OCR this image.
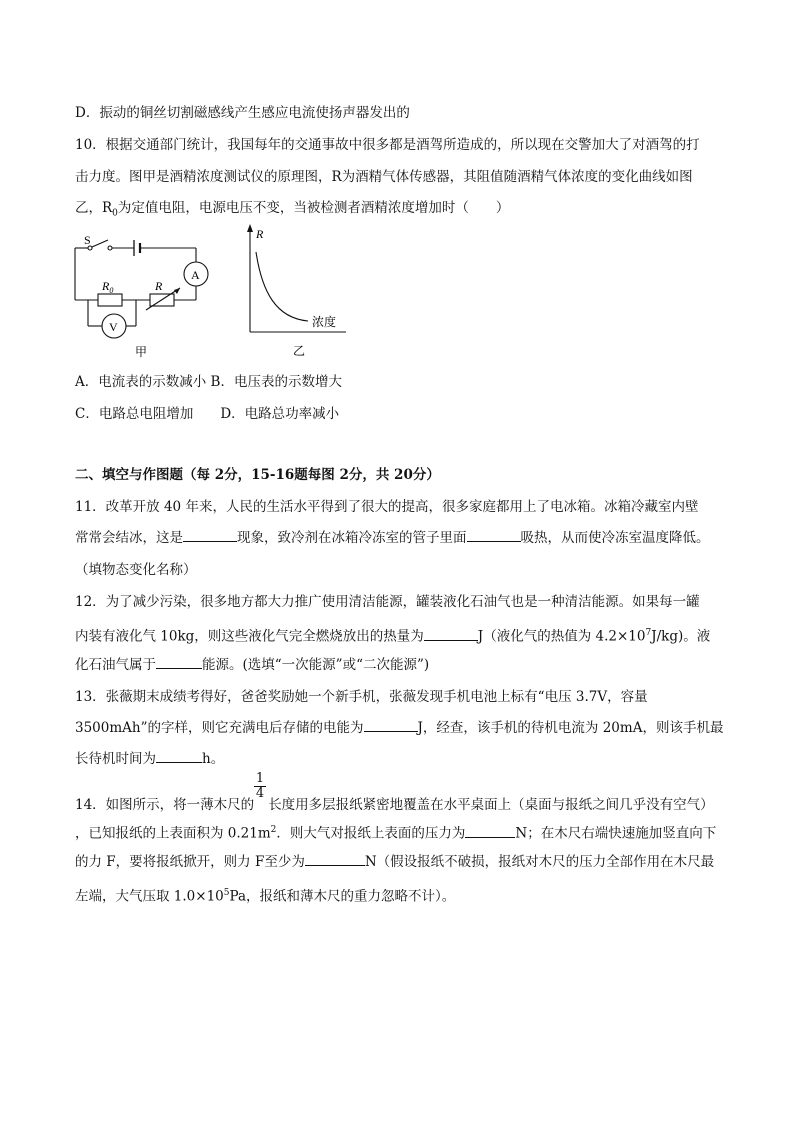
D．振动的铜丝切割磁感线产生感应电流使扬声器发出的
10．根据交通部门统计，我国每年的交通事故中很多都是酒驾所造成的，所以现在交警加大了对酒驾的打
击力度。图甲是酒精浓度测试仪的原理图，R为酒精气体传感器，其阻值随酒精气体浓度的变化曲线如图
乙，$R_0$为定值电阻，电源电压不变，当被检测者酒精浓度增加时（　　）
S
A
$R_0$	R
V
甲
R
浓度
乙
A．电流表的示数减小 B．电压表的示数增大
C．电路总电阻增加　　D．电路总功率减小
二、填空与作图题（每 2分，15-16题每图 2分，共 20分）
11．改革开放 40 年来，人民的生活水平得到了很大的提高，很多家庭都用上了电冰箱。冰箱冷藏室内壁
常常会结冰，这是	现象，致冷剂在冰箱冷冻室的管子里面	吸热，从而使冷冻室温度降低。
（填物态变化名称）
12．为了减少污染，很多地方都大力推广使用清洁能源，罐装液化石油气也是一种清洁能源。如果每一罐
内装有液化气 10kg，则这些液化气完全燃烧放出的热量为	J（液化气的热值为 $4.2\times 10^7J/kg$)。液
化石油气属于	能源。(选填“一次能源”或“二次能源”)
13．张薇期末成绩考得好，爸爸奖励她一个新手机，张薇发现手机电池上标有“电压 3.7V，容量
3500mAh”的字样，则它充满电后存储的电能为	J，经查，该手机的待机电流为 20mA，则该手机最
长待机时间为	h。
$\frac{1}{4}$
14．如图所示，将一薄木尺的 长度用多层报纸紧密地覆盖在水平桌面上（桌面与报纸之间几乎没有空气）
，已知报纸的上表面积为 $0.21m^2$．则大气对报纸上表面的压力为	N；在木尺右端快速施加竖直向下
的力 F，要将报纸掀开，则力 F至少为	N（假设报纸不破损，报纸对木尺的压力全部作用在木尺最
左端，大气压取 $1.0\times 10^5Pa$，报纸和薄木尺的重力忽略不计）。
